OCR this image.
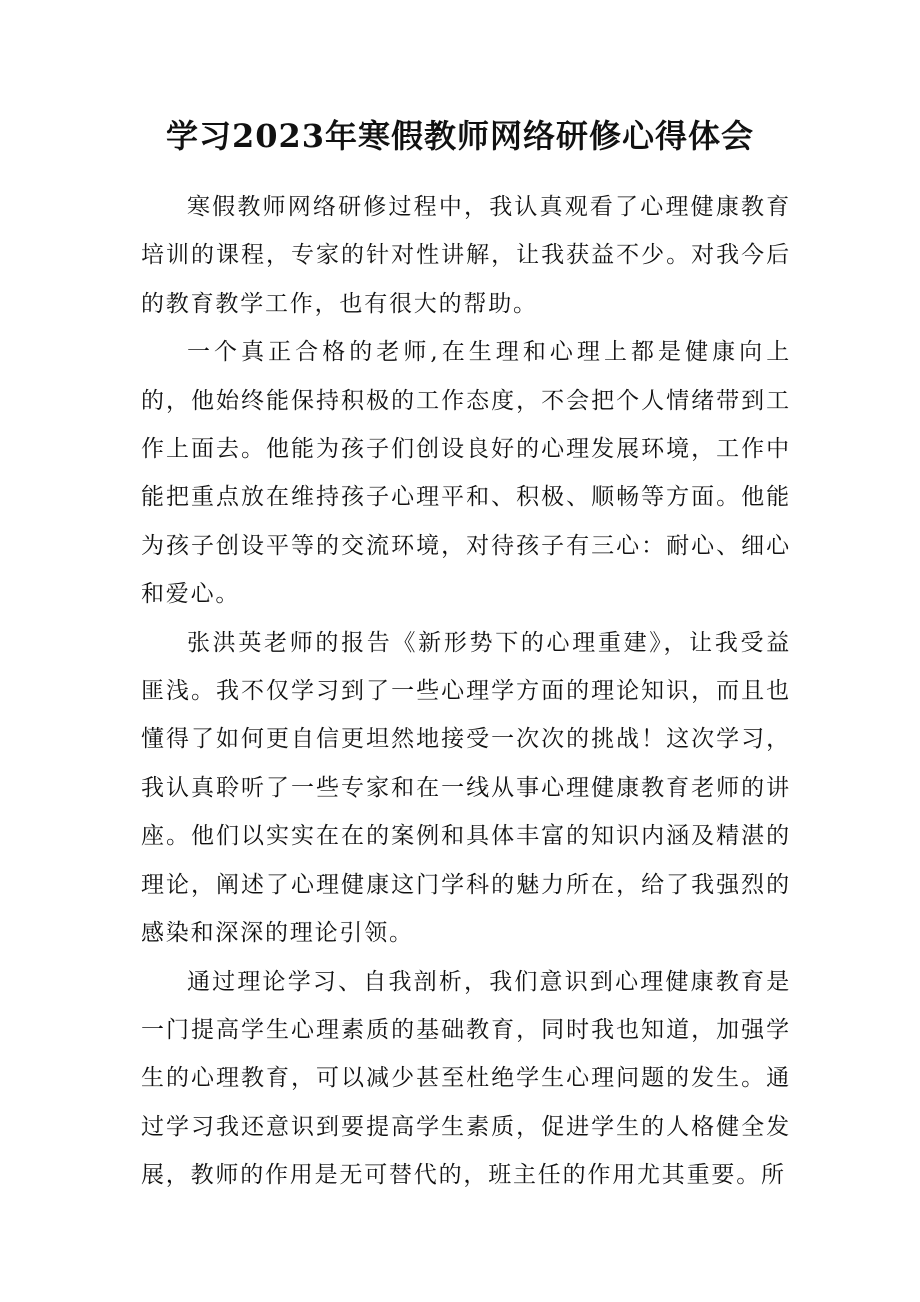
学习2023年寒假教师网络研修心得体会

寒假教师网络研修过程中，我认真观看了心理健康教育培训的课程，专家的针对性讲解，让我获益不少。对我今后的教育教学工作，也有很大的帮助。

一个真正合格的老师,在生理和心理上都是健康向上的，他始终能保持积极的工作态度，不会把个人情绪带到工作上面去。他能为孩子们创设良好的心理发展环境，工作中能把重点放在维持孩子心理平和、积极、顺畅等方面。他能为孩子创设平等的交流环境，对待孩子有三心：耐心、细心和爱心。

张洪英老师的报告《新形势下的心理重建》，让我受益匪浅。我不仅学习到了一些心理学方面的理论知识，而且也懂得了如何更自信更坦然地接受一次次的挑战！这次学习，我认真聆听了一些专家和在一线从事心理健康教育老师的讲座。他们以实实在在的案例和具体丰富的知识内涵及精湛的理论，阐述了心理健康这门学科的魅力所在，给了我强烈的感染和深深的理论引领。

通过理论学习、自我剖析，我们意识到心理健康教育是一门提高学生心理素质的基础教育，同时我也知道，加强学生的心理教育，可以减少甚至杜绝学生心理问题的发生。通过学习我还意识到要提高学生素质，促进学生的人格健全发展，教师的作用是无可替代的，班主任的作用尤其重要。所
